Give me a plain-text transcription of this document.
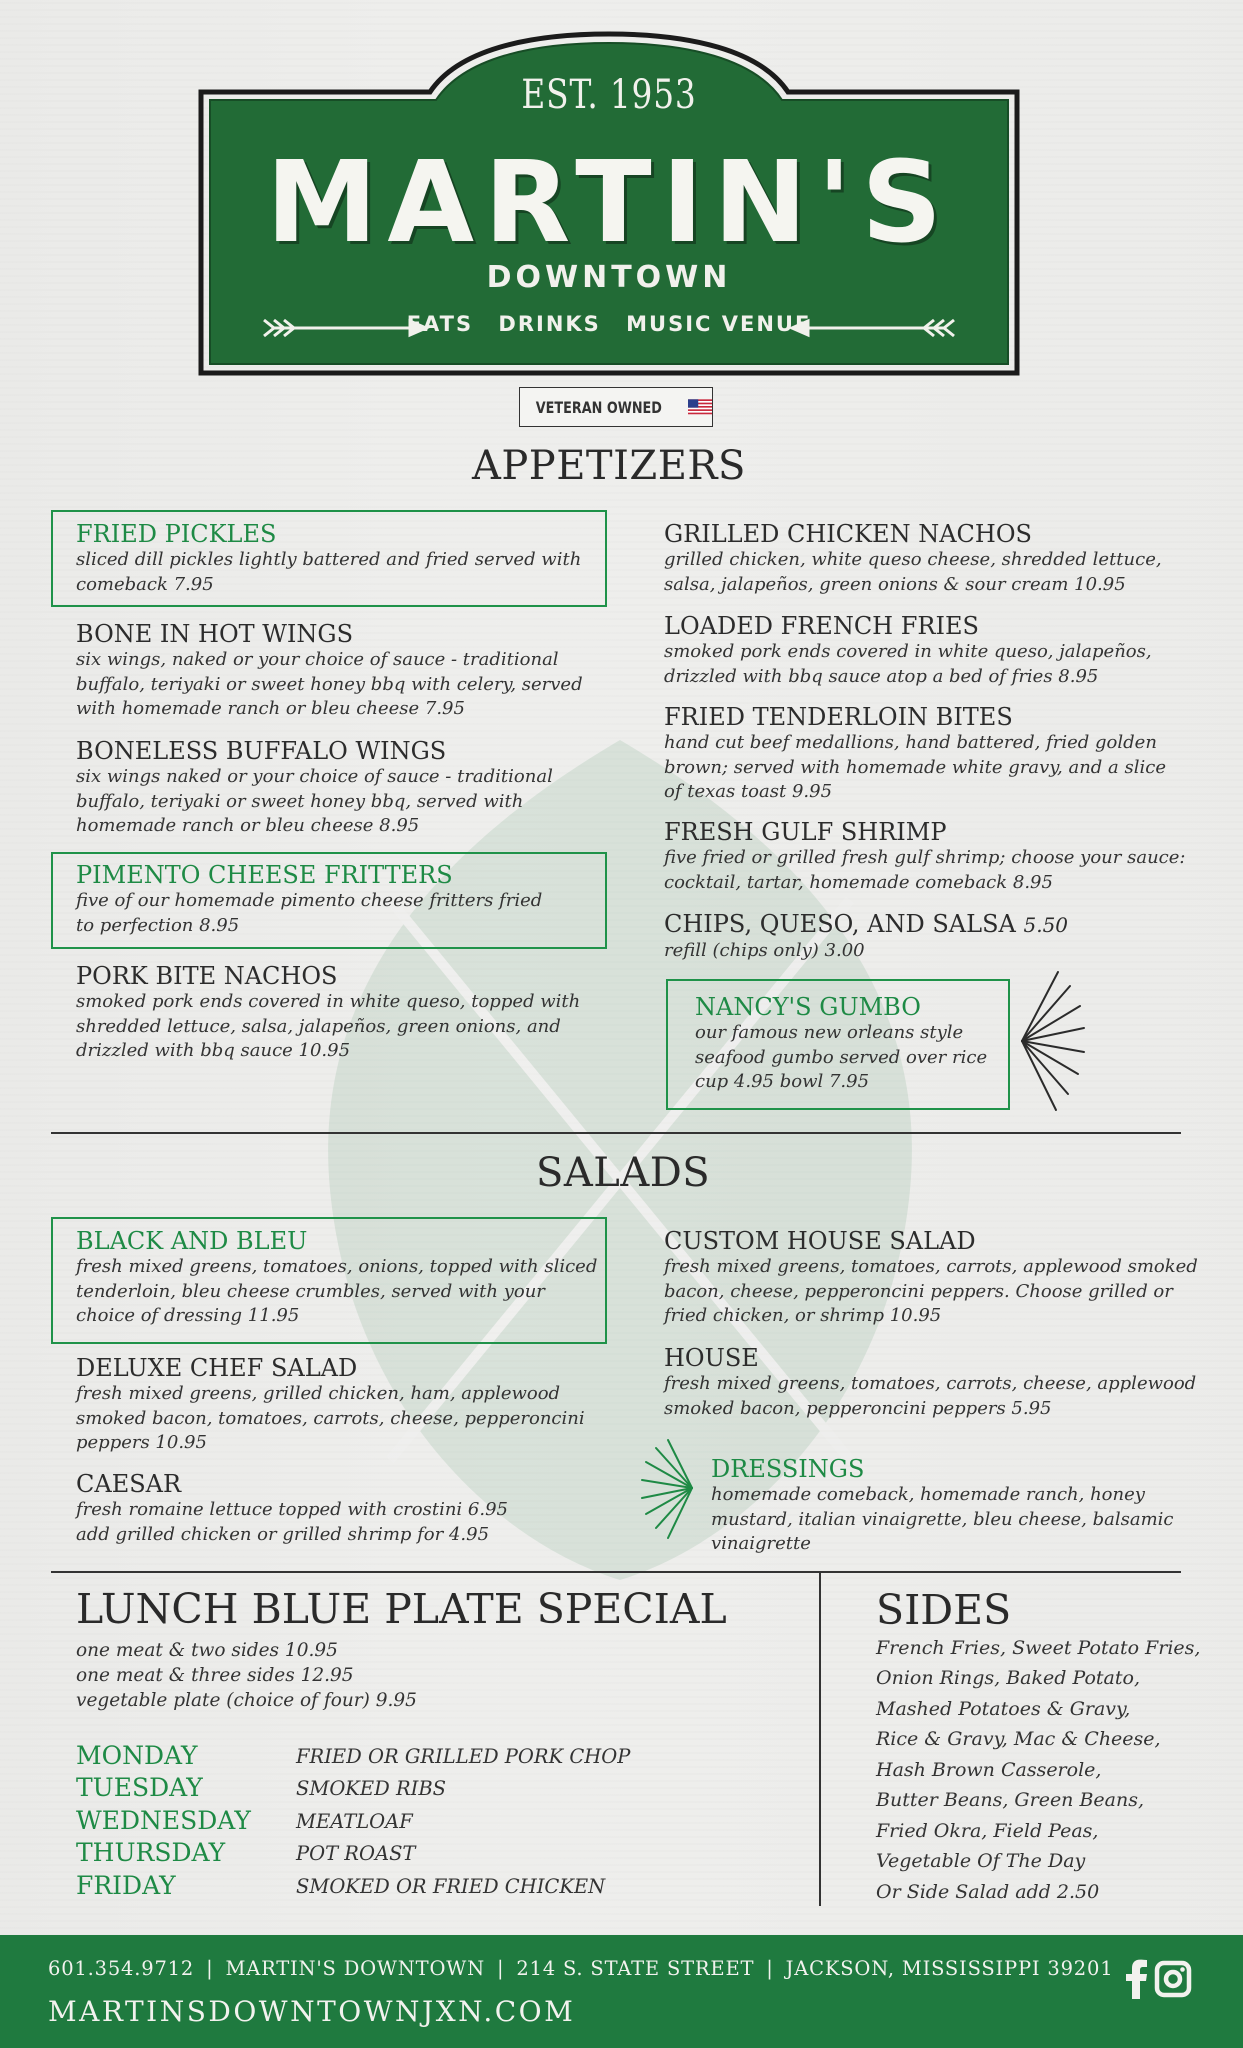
EST. 1953
MARTIN'S
DOWNTOWN
EATS DRINKS MUSIC VENUE
VETERAN OWNED
APPETIZERS
FRIED PICKLES
sliced dill pickles lightly battered and fried served with
comeback 7.95
BONE IN HOT WINGS
six wings, naked or your choice of sauce - traditional
buffalo, teriyaki or sweet honey bbq with celery, served
with homemade ranch or bleu cheese 7.95
BONELESS BUFFALO WINGS
six wings naked or your choice of sauce - traditional
buffalo, teriyaki or sweet honey bbq, served with
homemade ranch or bleu cheese 8.95
PIMENTO CHEESE FRITTERS
five of our homemade pimento cheese fritters fried
to perfection 8.95
PORK BITE NACHOS
smoked pork ends covered in white queso, topped with
shredded lettuce, salsa, jalapeños, green onions, and
drizzled with bbq sauce 10.95
GRILLED CHICKEN NACHOS
grilled chicken, white queso cheese, shredded lettuce,
salsa, jalapeños, green onions & sour cream 10.95
LOADED FRENCH FRIES
smoked pork ends covered in white queso, jalapeños,
drizzled with bbq sauce atop a bed of fries 8.95
FRIED TENDERLOIN BITES
hand cut beef medallions, hand battered, fried golden
brown; served with homemade white gravy, and a slice
of texas toast 9.95
FRESH GULF SHRIMP
five fried or grilled fresh gulf shrimp; choose your sauce:
cocktail, tartar, homemade comeback 8.95
CHIPS, QUESO, AND SALSA 5.50
refill (chips only) 3.00
NANCY'S GUMBO
our famous new orleans style
seafood gumbo served over rice
cup 4.95 bowl 7.95
SALADS
BLACK AND BLEU
fresh mixed greens, tomatoes, onions, topped with sliced
tenderloin, bleu cheese crumbles, served with your
choice of dressing 11.95
DELUXE CHEF SALAD
fresh mixed greens, grilled chicken, ham, applewood
smoked bacon, tomatoes, carrots, cheese, pepperoncini
peppers 10.95
CAESAR
fresh romaine lettuce topped with crostini 6.95
add grilled chicken or grilled shrimp for 4.95
CUSTOM HOUSE SALAD
fresh mixed greens, tomatoes, carrots, applewood smoked
bacon, cheese, pepperoncini peppers. Choose grilled or
fried chicken, or shrimp 10.95
HOUSE
fresh mixed greens, tomatoes, carrots, cheese, applewood
smoked bacon, pepperoncini peppers 5.95
DRESSINGS
homemade comeback, homemade ranch, honey
mustard, italian vinaigrette, bleu cheese, balsamic
vinaigrette
LUNCH BLUE PLATE SPECIAL
one meat & two sides 10.95
one meat & three sides 12.95
vegetable plate (choice of four) 9.95
MONDAY	FRIED OR GRILLED PORK CHOP
TUESDAY	SMOKED RIBS
WEDNESDAY MEATLOAF
THURSDAY	POT ROAST
FRIDAY	SMOKED OR FRIED CHICKEN
SIDES
French Fries, Sweet Potato Fries,
Onion Rings, Baked Potato,
Mashed Potatoes & Gravy,
Rice & Gravy, Mac & Cheese,
Hash Brown Casserole,
Butter Beans, Green Beans,
Fried Okra, Field Peas,
Vegetable Of The Day
Or Side Salad add 2.50
601.354.9712 | MARTIN'S DOWNTOWN | 214 S. STATE STREET | JACKSON, MISSISSIPPI 39201
MARTINSDOWNTOWNJXN.COM
